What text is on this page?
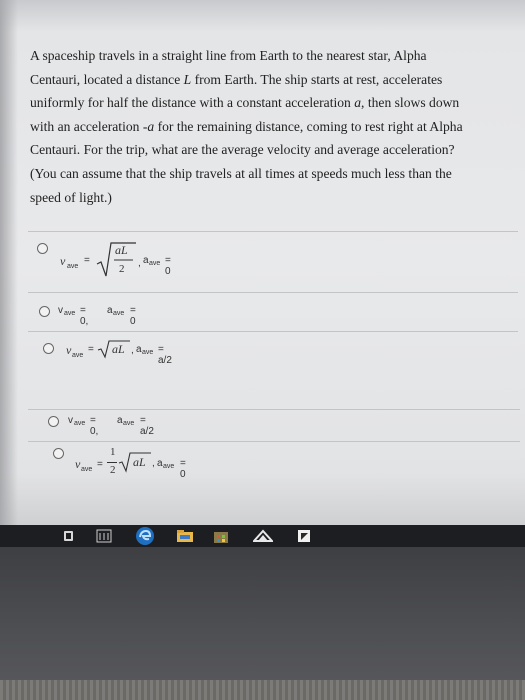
A spaceship travels in a straight line from Earth to the nearest star, Alpha

Centauri, located a distance L from Earth. The ship starts at rest, accelerates

uniformly for half the distance with a constant acceleration a, then slows down

with an acceleration -a for the remaining distance, coming to rest right at Alpha

Centauri. For the trip, what are the average velocity and average acceleration?

(You can assume that the ship travels at all times at speeds much less than the

speed of light.)

v ave
=
aL
2 , a ave = 0
v ave = 0,
a ave = 0
v ave
= aL , a ave = a/2
v ave = 0,
a ave = a/2
v ave =
1
2
aL , a ave = 0
